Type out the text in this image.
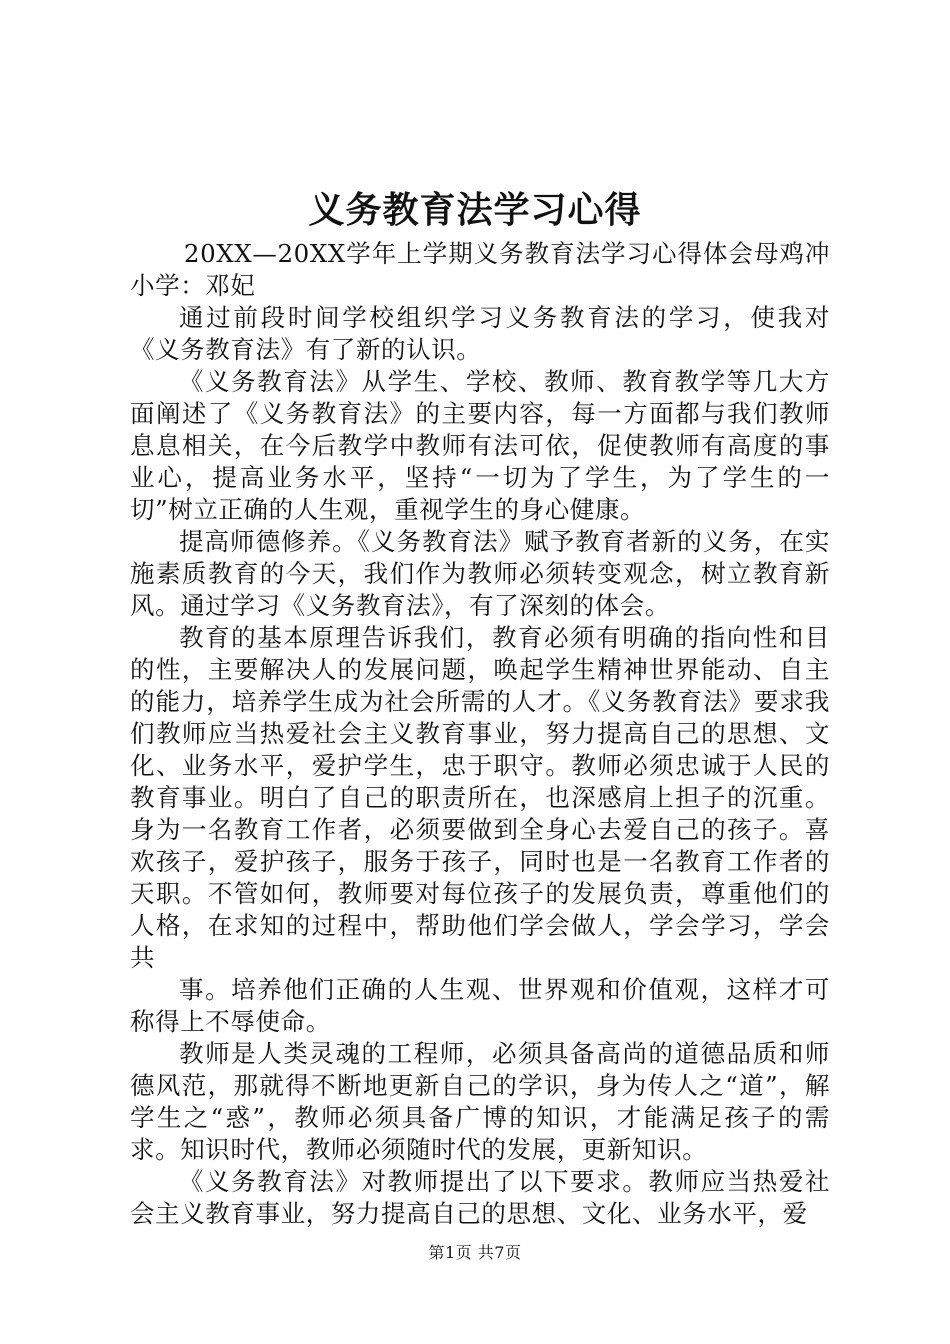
义务教育法学习心得

20XX—20XX学年上学期义务教育法学习心得体会母鸡冲小学：邓妃

通过前段时间学校组织学习义务教育法的学习，使我对《义务教育法》有了新的认识。

《义务教育法》从学生、学校、教师、教育教学等几大方面阐述了《义务教育法》的主要内容，每一方面都与我们教师息息相关，在今后教学中教师有法可依，促使教师有高度的事业心，提高业务水平，坚持“一切为了学生，为了学生的一切”树立正确的人生观，重视学生的身心健康。

提高师德修养。《义务教育法》赋予教育者新的义务，在实施素质教育的今天，我们作为教师必须转变观念，树立教育新风。通过学习《义务教育法》，有了深刻的体会。

教育的基本原理告诉我们，教育必须有明确的指向性和目的性，主要解决人的发展问题，唤起学生精神世界能动、自主的能力，培养学生成为社会所需的人才。《义务教育法》要求我们教师应当热爱社会主义教育事业，努力提高自己的思想、文化、业务水平，爱护学生，忠于职守。教师必须忠诚于人民的教育事业。明白了自己的职责所在，也深感肩上担子的沉重。身为一名教育工作者，必须要做到全身心去爱自己的孩子。喜欢孩子，爱护孩子，服务于孩子，同时也是一名教育工作者的天职。不管如何，教师要对每位孩子的发展负责，尊重他们的人格，在求知的过程中，帮助他们学会做人，学会学习，学会共

事。培养他们正确的人生观、世界观和价值观，这样才可称得上不辱使命。

教师是人类灵魂的工程师，必须具备高尚的道德品质和师德风范，那就得不断地更新自己的学识，身为传人之“道”，解学生之“惑”，教师必须具备广博的知识，才能满足孩子的需求。知识时代，教师必须随时代的发展，更新知识。

《义务教育法》对教师提出了以下要求。教师应当热爱社会主义教育事业，努力提高自己的思想、文化、业务水平，爱

第1页 共7页
